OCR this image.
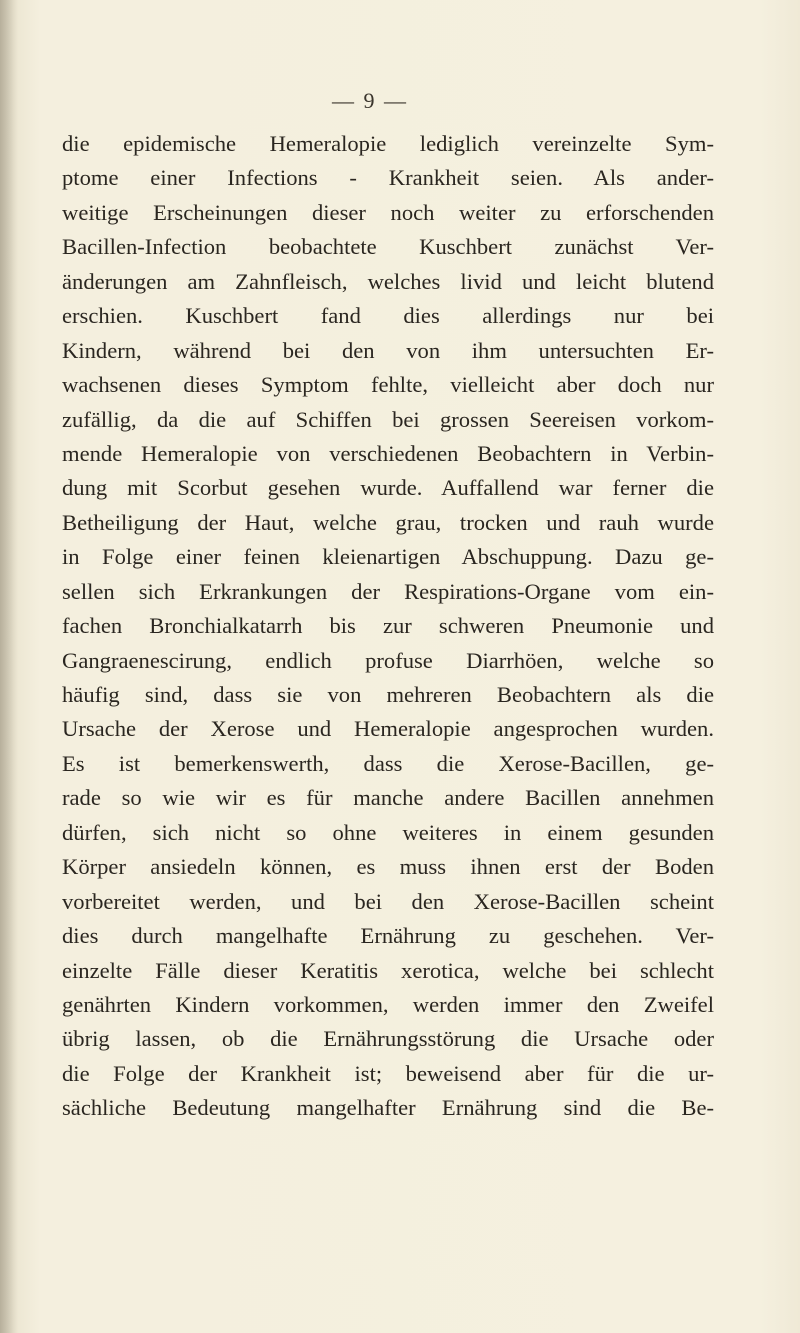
— 9 —
die epidemische Hemeralopie lediglich vereinzelte Sym-
ptome einer Infections - Krankheit seien. Als ander-
weitige Erscheinungen dieser noch weiter zu erforschenden
Bacillen-Infection beobachtete Kuschbert zunächst Ver-
änderungen am Zahnfleisch, welches livid und leicht blutend
erschien. Kuschbert fand dies allerdings nur bei
Kindern, während bei den von ihm untersuchten Er-
wachsenen dieses Symptom fehlte, vielleicht aber doch nur
zufällig, da die auf Schiffen bei grossen Seereisen vorkom-
mende Hemeralopie von verschiedenen Beobachtern in Verbin-
dung mit Scorbut gesehen wurde. Auffallend war ferner die
Betheiligung der Haut, welche grau, trocken und rauh wurde
in Folge einer feinen kleienartigen Abschuppung. Dazu ge-
sellen sich Erkrankungen der Respirations-Organe vom ein-
fachen Bronchialkatarrh bis zur schweren Pneumonie und
Gangraenescirung, endlich profuse Diarrhöen, welche so
häufig sind, dass sie von mehreren Beobachtern als die
Ursache der Xerose und Hemeralopie angesprochen wurden.
Es ist bemerkenswerth, dass die Xerose-Bacillen, ge-
rade so wie wir es für manche andere Bacillen annehmen
dürfen, sich nicht so ohne weiteres in einem gesunden
Körper ansiedeln können, es muss ihnen erst der Boden
vorbereitet werden, und bei den Xerose-Bacillen scheint
dies durch mangelhafte Ernährung zu geschehen. Ver-
einzelte Fälle dieser Keratitis xerotica, welche bei schlecht
genährten Kindern vorkommen, werden immer den Zweifel
übrig lassen, ob die Ernährungsstörung die Ursache oder
die Folge der Krankheit ist; beweisend aber für die ur-
sächliche Bedeutung mangelhafter Ernährung sind die Be-
